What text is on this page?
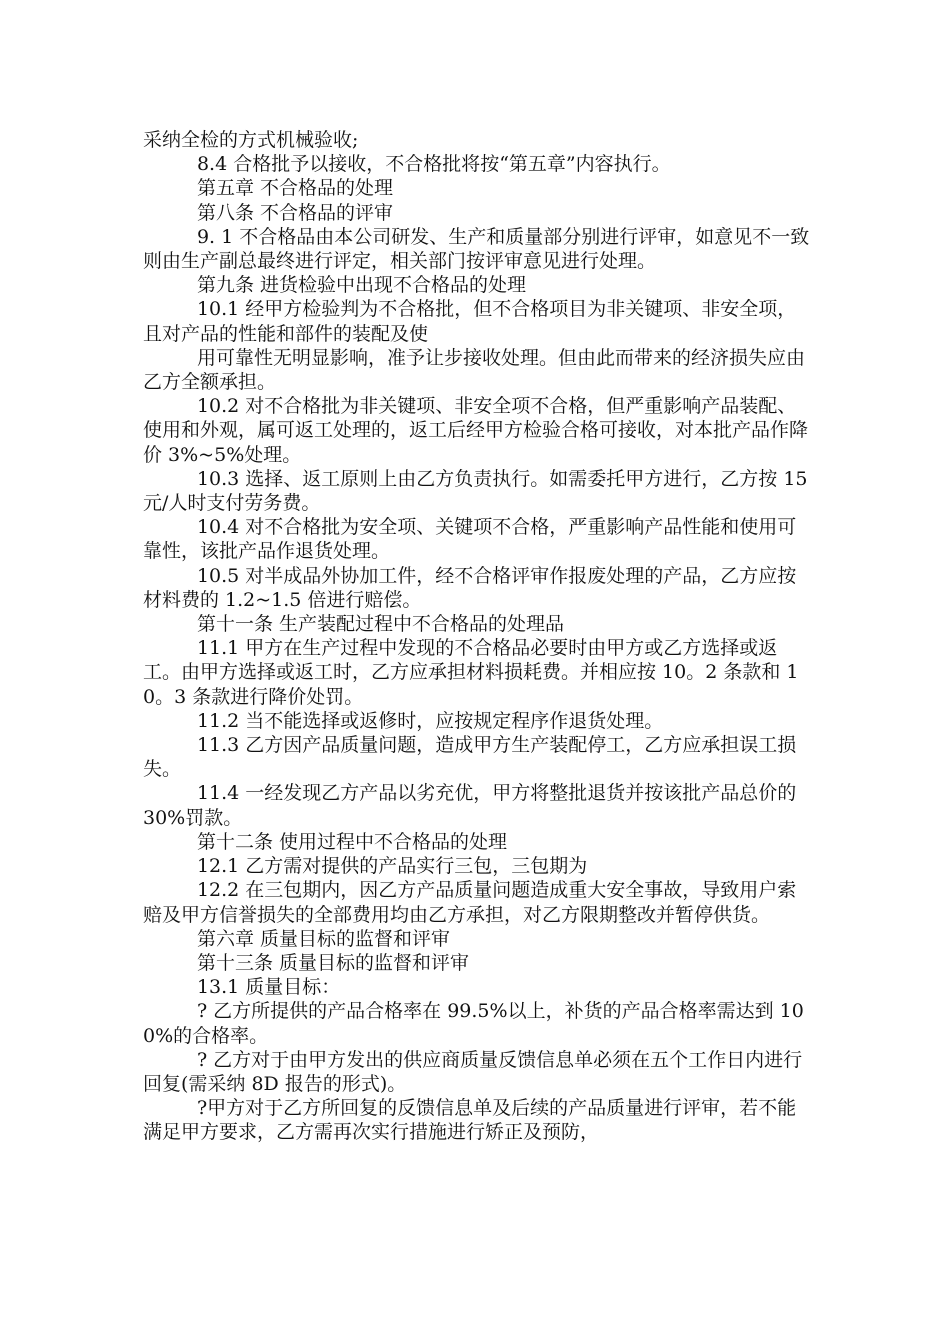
采纳全检的方式机械验收;

8.4 合格批予以接收，不合格批将按“第五章”内容执行。

第五章 不合格品的处理

第八条 不合格品的评审

9. 1 不合格品由本公司研发、生产和质量部分别进行评审，如意见不一致则由生产副总最终进行评定，相关部门按评审意见进行处理。

第九条 进货检验中出现不合格品的处理

10.1 经甲方检验判为不合格批，但不合格项目为非关键项、非安全项，且对产品的性能和部件的装配及使

用可靠性无明显影响，准予让步接收处理。但由此而带来的经济损失应由乙方全额承担。

10.2 对不合格批为非关键项、非安全项不合格，但严重影响产品装配、使用和外观，属可返工处理的，返工后经甲方检验合格可接收，对本批产品作降价 3%~5%处理。

10.3 选择、返工原则上由乙方负责执行。如需委托甲方进行，乙方按 15 元/人时支付劳务费。

10.4 对不合格批为安全项、关键项不合格，严重影响产品性能和使用可靠性，该批产品作退货处理。

10.5 对半成品外协加工件，经不合格评审作报废处理的产品，乙方应按材料费的 1.2~1.5 倍进行赔偿。

第十一条 生产装配过程中不合格品的处理品

11.1 甲方在生产过程中发现的不合格品必要时由甲方或乙方选择或返工。由甲方选择或返工时，乙方应承担材料损耗费。并相应按 10。2 条款和 10。3 条款进行降价处罚。

11.2 当不能选择或返修时，应按规定程序作退货处理。

11.3 乙方因产品质量问题，造成甲方生产装配停工，乙方应承担误工损失。

11.4 一经发现乙方产品以劣充优，甲方将整批退货并按该批产品总价的 30%罚款。

第十二条 使用过程中不合格品的处理

12.1 乙方需对提供的产品实行三包，三包期为

12.2 在三包期内，因乙方产品质量问题造成重大安全事故，导致用户索赔及甲方信誉损失的全部费用均由乙方承担，对乙方限期整改并暂停供货。

第六章 质量目标的监督和评审

第十三条 质量目标的监督和评审

13.1 质量目标：

? 乙方所提供的产品合格率在 99.5%以上，补货的产品合格率需达到 100%的合格率。

? 乙方对于由甲方发出的供应商质量反馈信息单必须在五个工作日内进行回复(需采纳 8D 报告的形式)。

?甲方对于乙方所回复的反馈信息单及后续的产品质量进行评审，若不能满足甲方要求，乙方需再次实行措施进行矫正及预防，
